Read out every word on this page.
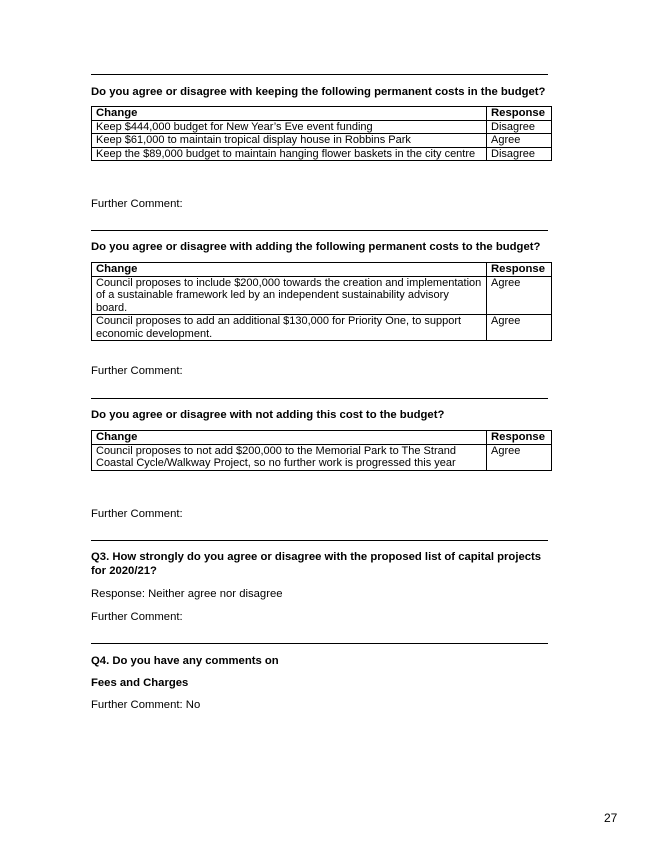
Do you agree or disagree with keeping the following permanent costs in the budget?
Change	Response
Keep $444,000 budget for New Year’s Eve event funding	Disagree
Keep $61,000 to maintain tropical display house in Robbins Park	Agree
Keep the $89,000 budget to maintain hanging flower baskets in the city centre	Disagree
Further Comment:
Do you agree or disagree with adding the following permanent costs to the budget?
Change	Response
Council proposes to include $200,000 towards the creation and implementation of a sustainable framework led by an independent sustainability advisory board.	Agree
Council proposes to add an additional $130,000 for Priority One, to support economic development.	Agree
Further Comment:
Do you agree or disagree with not adding this cost to the budget?
Change	Response
Council proposes to not add $200,000 to the Memorial Park to The Strand Coastal Cycle/Walkway Project, so no further work is progressed this year	Agree
Further Comment:
Q3. How strongly do you agree or disagree with the proposed list of capital projects for 2020/21?
Response: Neither agree nor disagree
Further Comment:
Q4. Do you have any comments on
Fees and Charges
Further Comment: No
27
